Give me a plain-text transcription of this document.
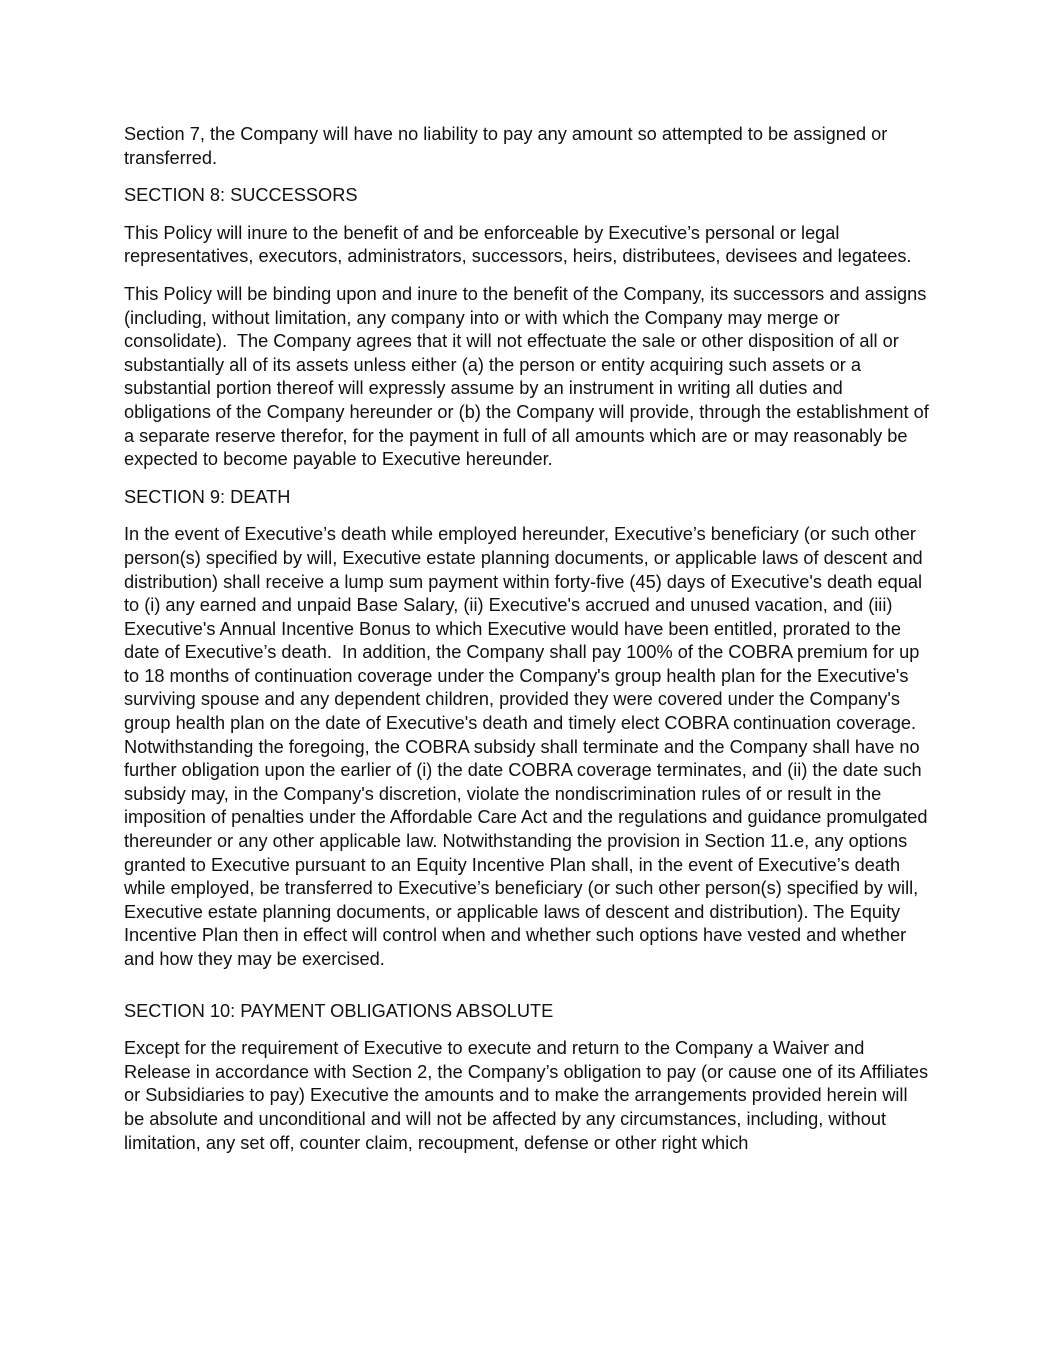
Section 7, the Company will have no liability to pay any amount so attempted to be assigned or transferred.

SECTION 8: SUCCESSORS

This Policy will inure to the benefit of and be enforceable by Executive’s personal or legal representatives, executors, administrators, successors, heirs, distributees, devisees and legatees.

This Policy will be binding upon and inure to the benefit of the Company, its successors and assigns (including, without limitation, any company into or with which the Company may merge or consolidate).  The Company agrees that it will not effectuate the sale or other disposition of all or substantially all of its assets unless either (a) the person or entity acquiring such assets or a substantial portion thereof will expressly assume by an instrument in writing all duties and obligations of the Company hereunder or (b) the Company will provide, through the establishment of a separate reserve therefor, for the payment in full of all amounts which are or may reasonably be expected to become payable to Executive hereunder.

SECTION 9: DEATH

In the event of Executive’s death while employed hereunder, Executive’s beneficiary (or such other person(s) specified by will, Executive estate planning documents, or applicable laws of descent and distribution) shall receive a lump sum payment within forty-five (45) days of Executive's death equal to (i) any earned and unpaid Base Salary, (ii) Executive's accrued and unused vacation, and (iii) Executive's Annual Incentive Bonus to which Executive would have been entitled, prorated to the date of Executive’s death.  In addition, the Company shall pay 100% of the COBRA premium for up to 18 months of continuation coverage under the Company's group health plan for the Executive's surviving spouse and any dependent children, provided they were covered under the Company's group health plan on the date of Executive's death and timely elect COBRA continuation coverage.  Notwithstanding the foregoing, the COBRA subsidy shall terminate and the Company shall have no further obligation upon the earlier of (i) the date COBRA coverage terminates, and (ii) the date such subsidy may, in the Company's discretion, violate the nondiscrimination rules of or result in the imposition of penalties under the Affordable Care Act and the regulations and guidance promulgated thereunder or any other applicable law. Notwithstanding the provision in Section 11.e, any options granted to Executive pursuant to an Equity Incentive Plan shall, in the event of Executive’s death while employed, be transferred to Executive’s beneficiary (or such other person(s) specified by will, Executive estate planning documents, or applicable laws of descent and distribution). The Equity Incentive Plan then in effect will control when and whether such options have vested and whether and how they may be exercised.

SECTION 10: PAYMENT OBLIGATIONS ABSOLUTE

Except for the requirement of Executive to execute and return to the Company a Waiver and Release in accordance with Section 2, the Company’s obligation to pay (or cause one of its Affiliates or Subsidiaries to pay) Executive the amounts and to make the arrangements provided herein will be absolute and unconditional and will not be affected by any circumstances, including, without limitation, any set off, counter claim, recoupment, defense or other right which
